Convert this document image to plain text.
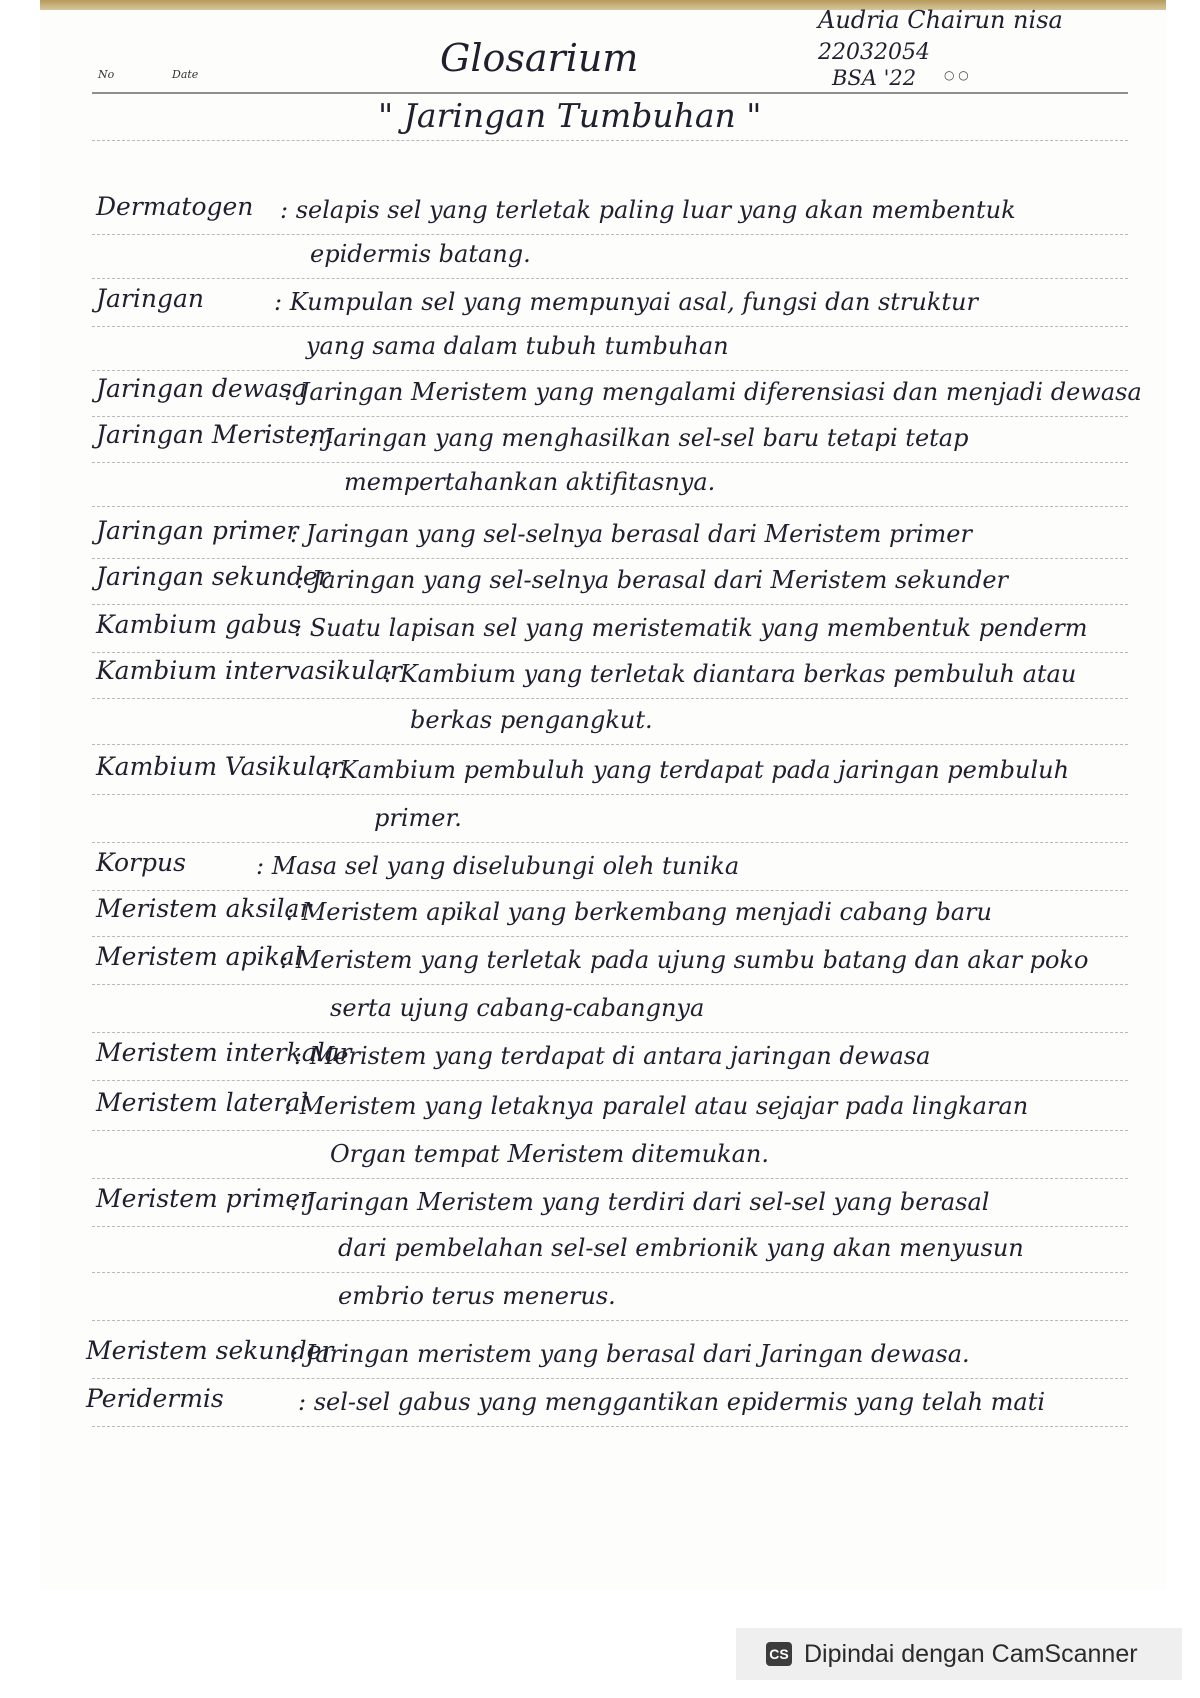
No	Date	Glosarium
Audria Chairun nisa
22032054
BSA '22 ○ ○
" Jaringan Tumbuhan "
Dermatogen : selapis sel yang terletak paling luar yang akan membentuk
epidermis batang.
Jaringan	: Kumpulan sel yang mempunyai asal, fungsi dan struktur
yang sama dalam tubuh tumbuhan
Jaringan dewasa
: Jaringan Meristem yang mengalami diferensiasi dan menjadi dewasa
Jaringan Meristem
: Jaringan yang menghasilkan sel-sel baru tetapi tetap
mempertahankan aktifitasnya.
Jaringan primer
: Jaringan yang sel-selnya berasal dari Meristem primer
Jaringan sekunder
: Jaringan yang sel-selnya berasal dari Meristem sekunder
Kambium gabus
: Suatu lapisan sel yang meristematik yang membentuk penderm
Kambium intervasikular
: Kambium yang terletak diantara berkas pembuluh atau
berkas pengangkut.
Kambium Vasikular
: Kambium pembuluh yang terdapat pada jaringan pembuluh
primer.
Korpus	: Masa sel yang diselubungi oleh tunika
Meristem aksilar
: Meristem apikal yang berkembang menjadi cabang baru
Meristem apikal
: Meristem yang terletak pada ujung sumbu batang dan akar poko
serta ujung cabang-cabangnya
Meristem interkalar
: Meristem yang terdapat di antara jaringan dewasa
Meristem lateral
: Meristem yang letaknya paralel atau sejajar pada lingkaran
Organ tempat Meristem ditemukan.
Meristem primer
: Jaringan Meristem yang terdiri dari sel-sel yang berasal
dari pembelahan sel-sel embrionik yang akan menyusun
embrio terus menerus.
Meristem sekunder
: Jaringan meristem yang berasal dari Jaringan dewasa.
Peridermis	: sel-sel gabus yang menggantikan epidermis yang telah mati
CS Dipindai dengan CamScanner
